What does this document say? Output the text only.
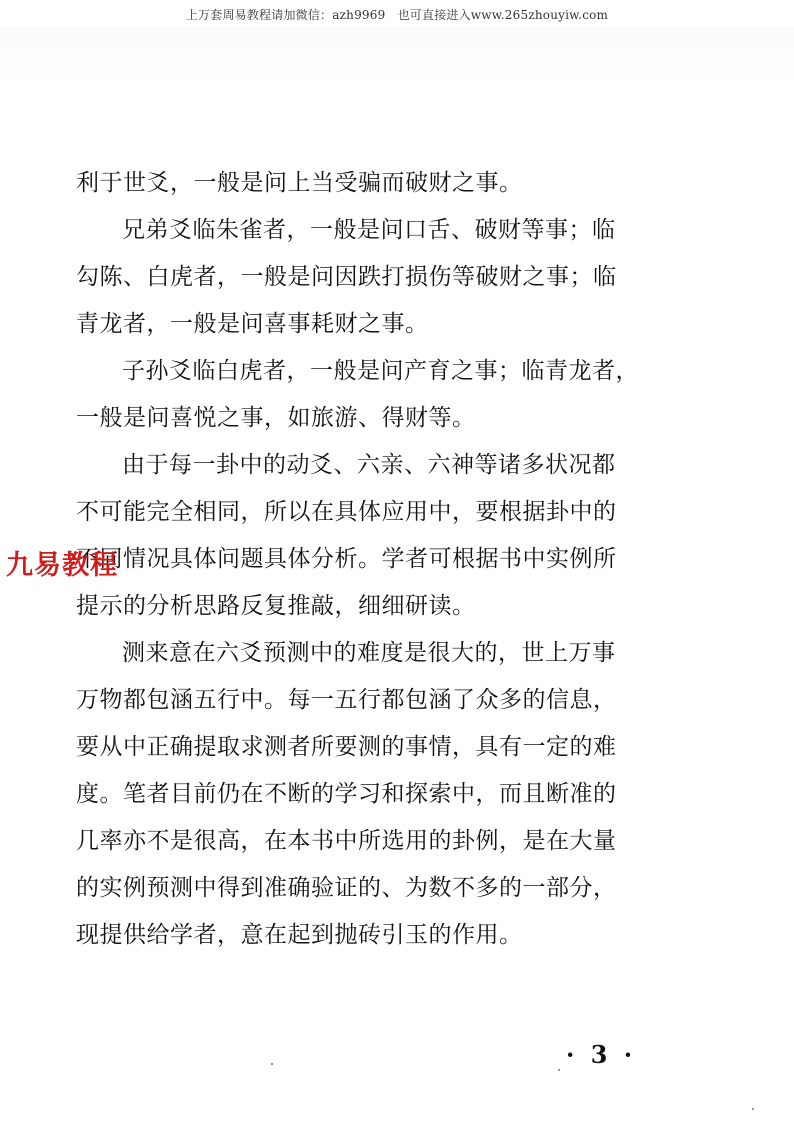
上万套周易教程请加微信：azh9969　也可直接进入www.265zhouyiw.com
利于世爻，一般是问上当受骗而破财之事。
兄弟爻临朱雀者，一般是问口舌、破财等事；临
勾陈、白虎者，一般是问因跌打损伤等破财之事；临
青龙者，一般是问喜事耗财之事。
子孙爻临白虎者，一般是问产育之事；临青龙者，
一般是问喜悦之事，如旅游、得财等。
由于每一卦中的动爻、六亲、六神等诸多状况都
不可能完全相同，所以在具体应用中，要根据卦中的
不同情况具体问题具体分析。学者可根据书中实例所
提示的分析思路反复推敲，细细研读。
测来意在六爻预测中的难度是很大的，世上万事
万物都包涵五行中。每一五行都包涵了众多的信息，
要从中正确提取求测者所要测的事情，具有一定的难
度。笔者目前仍在不断的学习和探索中，而且断准的
几率亦不是很高，在本书中所选用的卦例，是在大量
的实例预测中得到准确验证的、为数不多的一部分，
现提供给学者，意在起到抛砖引玉的作用。
九易教程
· 3 ·
